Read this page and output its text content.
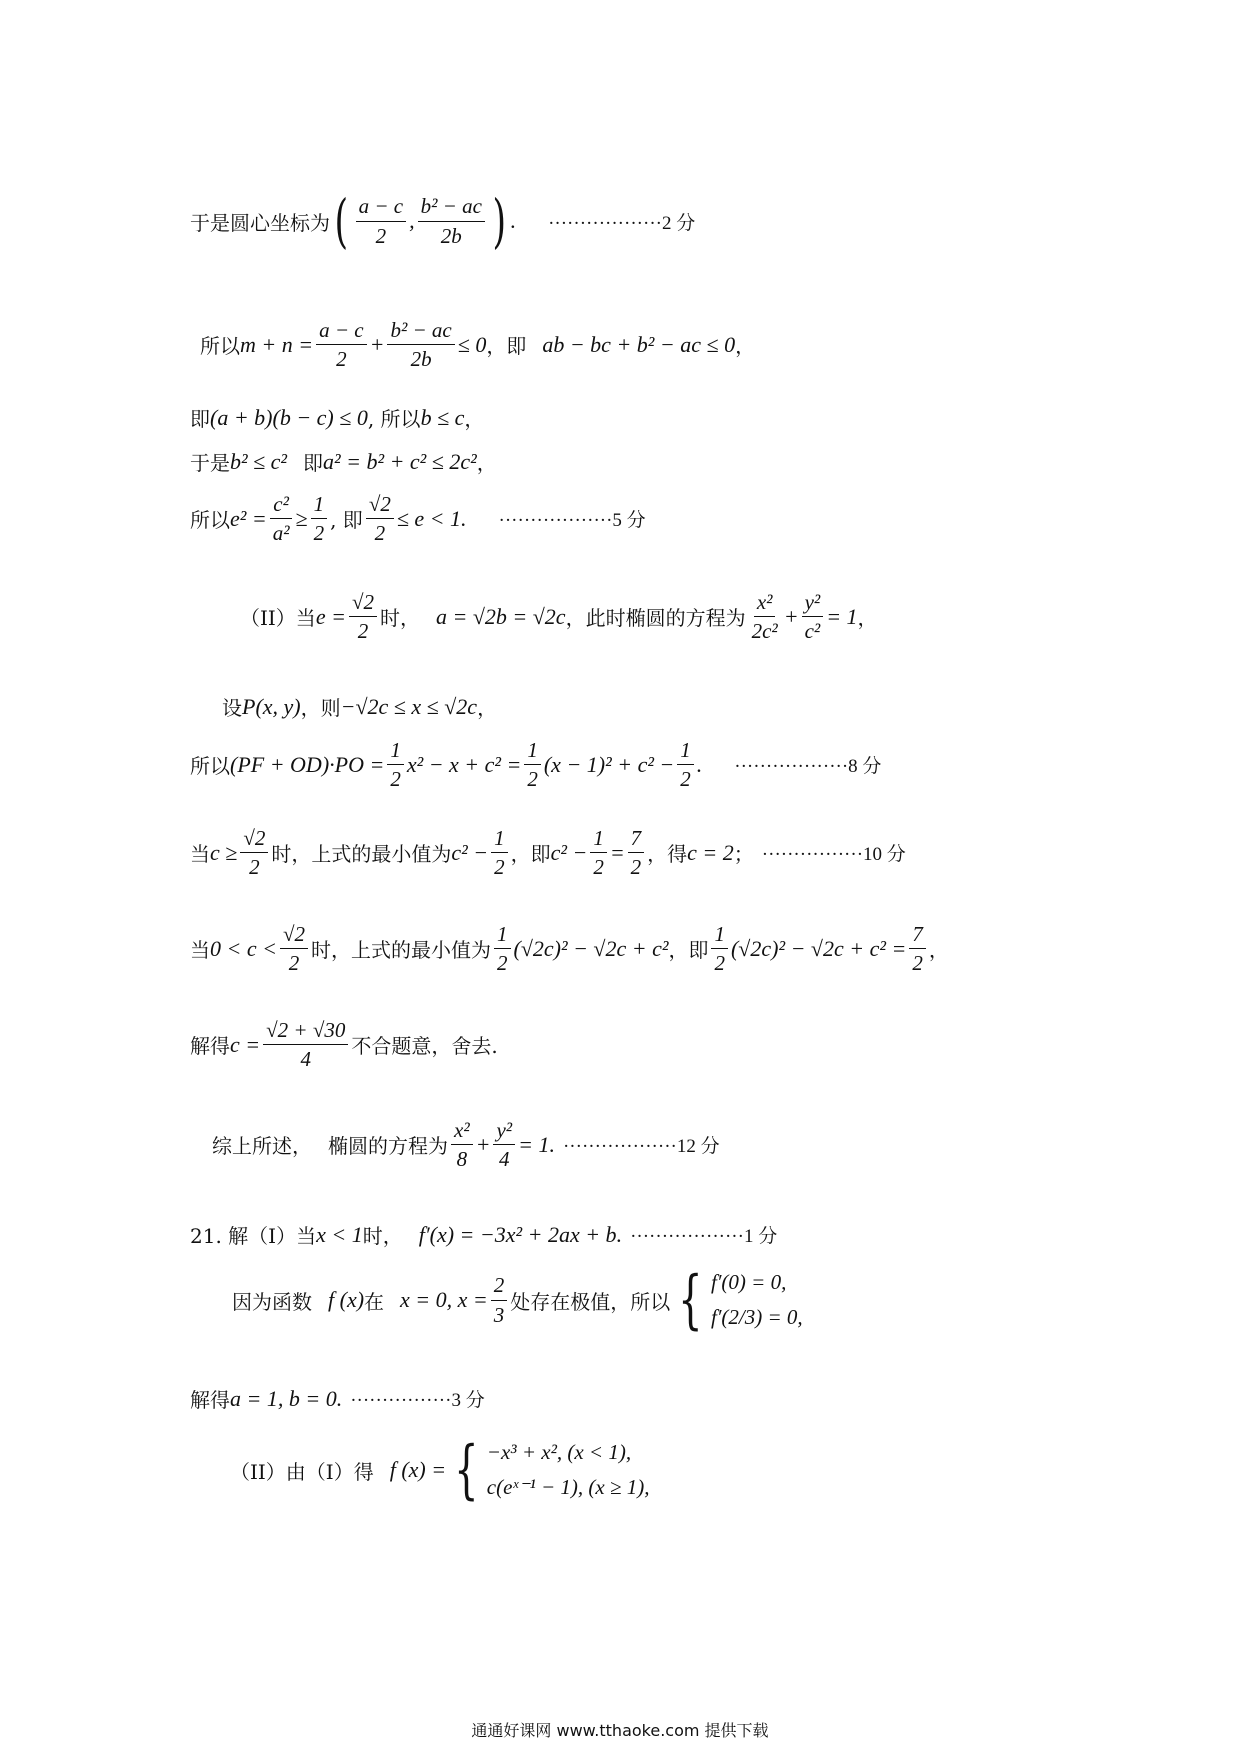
于是圆心坐标为 ( $\frac{a - c}{2}$ , $\frac{\text{b² − ac}}{2b}$ ) . ··················2 分
所以 $m + n = \frac{a - c}{2} + \frac{\text{b² − ac}}{2b} \le 0$ ，即 ab − bc + b² − ac ≤ 0 ，
即 (a + b)(b − c) ≤ 0 , 所以 b ≤ c ，
于是 b² ≤ c² 即 a² = b² + c² ≤ 2c² ，
所以 $e^2 = \frac{\text{c²}}{\text{a²}} \ge \frac{1}{2}$ , 即 $\frac{√2}{2} \le e < 1$. ··················5 分
（II）当 $e = \frac{√2}{2}$ 时， a = √2b = √2c ，此时椭圆的方程为 $\frac{\text{x²}}{\text{2c²}} + \frac{\text{y²}}{\text{c²}} = 1$ ，
设 P(x, y) ，则 −√2c ≤ x ≤ √2c ，
所以 $(PF + OD)\cdot PO = \frac{1}{2} x^2 - x + c^2 = \frac{1}{2} (x - 1)^2 + c^2 - \frac{1}{2}$ . ··················8 分
当 $c \ge \frac{√2}{2}$ 时，上式的最小值为 $c^2 - \frac{1}{2}$ ，即 $c^2 - \frac{1}{2} = \frac{7}{2}$ ，得 c = 2 ； ················10 分
当 $0 < c < \frac{√2}{2}$ 时，上式的最小值为 $\frac{1}{2} (√2c)^2 - √2c + c^2$ ，即 $\frac{1}{2} (√2c)^2 - √2c + c^2 = \frac{7}{2}$ ，
解得 $c = \frac{√2 + √30}{4}$ 不合题意，舍去.
综上所述， 椭圆的方程为 $\frac{\text{x²}}{8} + \frac{\text{y²}}{4} = 1$. ··················12 分
21. 解（I）当 x < 1 时， f′(x) = −3x² + 2ax + b . ··················1 分
因为函数 f (x) 在 x = 0, $x = \frac{2}{3}$ 处存在极值，所以 { f′(0) = 0,
f′(2/3) = 0,
解得 a = 1, b = 0 . ················3 分
（II）由（I）得 f (x) = { −x³ + x², (x < 1),
c(eˣ⁻¹ − 1), (x ≥ 1),
通通好课网 www.tthaoke.com 提供下载
